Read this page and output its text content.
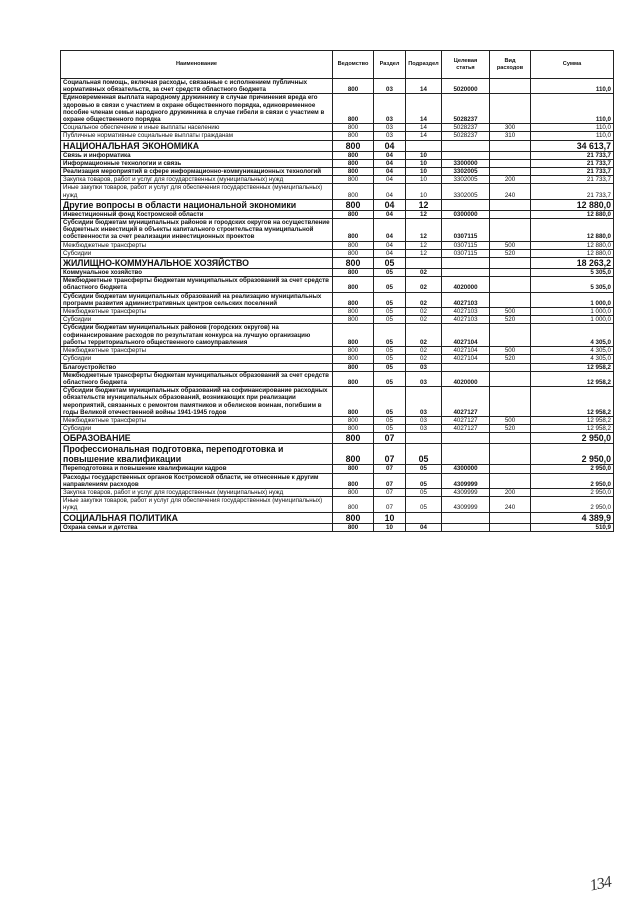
Наименование	Ведомство	Раздел	Подраздел	Целевая статья	Вид расходов	Сумма
Социальная помощь, включая расходы, связанные с исполнением публичных нормативных обязательств, за счет средств областного бюджета	800	03	14	5020000		110,0
Единовременная выплата народному дружиннику в случае причинения вреда его здоровью в связи с участием в охране общественного порядка, единовременное пособие членам семьи народного дружинника в случае гибели в связи с участием в охране общественного порядка	800	03	14	5028237		110,0
Социальное обеспечение и иные выплаты населению	800	03	14	5028237	300	110,0
Публичные нормативные социальные выплаты гражданам	800	03	14	5028237	310	110,0
НАЦИОНАЛЬНАЯ ЭКОНОМИКА	800	04				34 613,7
Связь и информатика	800	04	10			21 733,7
Информационные технологии и связь	800	04	10	3300000		21 733,7
Реализация мероприятий в сфере информационно-коммуникационных технологий	800	04	10	3302005		21 733,7
Закупка товаров, работ и услуг для государственных (муниципальных) нужд	800	04	10	3302005	200	21 733,7
Иные закупки товаров, работ и услуг для обеспечения государственных (муниципальных) нужд	800	04	10	3302005	240	21 733,7
Другие вопросы в области национальной экономики	800	04	12			12 880,0
Инвестиционный фонд Костромской области	800	04	12	0300000		12 880,0
Субсидии бюджетам муниципальных районов и городских округов на осуществление бюджетных инвестиций в объекты капитального строительства муниципальной собственности за счет реализации инвестиционных проектов	800	04	12	0307115		12 880,0
Межбюджетные трансферты	800	04	12	0307115	500	12 880,0
Субсидии	800	04	12	0307115	520	12 880,0
ЖИЛИЩНО-КОММУНАЛЬНОЕ ХОЗЯЙСТВО	800	05				18 263,2
Коммунальное хозяйство	800	05	02			5 305,0
Межбюджетные трансферты бюджетам муниципальных образований за счет средств областного бюджета	800	05	02	4020000		5 305,0
Субсидии бюджетам муниципальных образований на реализацию муниципальных программ развития административных центров сельских поселений	800	05	02	4027103		1 000,0
Межбюджетные трансферты	800	05	02	4027103	500	1 000,0
Субсидии	800	05	02	4027103	520	1 000,0
Субсидии бюджетам муниципальных районов (городских округов) на софинансирование расходов по результатам конкурса на лучшую организацию работы территориального общественного самоуправления	800	05	02	4027104		4 305,0
Межбюджетные трансферты	800	05	02	4027104	500	4 305,0
Субсидии	800	05	02	4027104	520	4 305,0
Благоустройство	800	05	03			12 958,2
Межбюджетные трансферты бюджетам муниципальных образований за счет средств областного бюджета	800	05	03	4020000		12 958,2
Субсидии бюджетам муниципальных образований на софинансирование расходных обязательств муниципальных образований, возникающих при реализации мероприятий, связанных с ремонтом памятников и обелисков воинам, погибшим в годы Великой отечественной войны 1941-1945 годов	800	05	03	4027127		12 958,2
Межбюджетные трансферты	800	05	03	4027127	500	12 958,2
Субсидии	800	05	03	4027127	520	12 958,2
ОБРАЗОВАНИЕ	800	07				2 950,0
Профессиональная подготовка, переподготовка и повышение квалификации	800	07	05			2 950,0
Переподготовка и повышение квалификации кадров	800	07	05	4300000		2 950,0
Расходы государственных органов Костромской области, не отнесенные к другим направлениям расходов	800	07	05	4309999		2 950,0
Закупка товаров, работ и услуг для государственных (муниципальных) нужд	800	07	05	4309999	200	2 950,0
Иные закупки товаров, работ и услуг для обеспечения государственных (муниципальных) нужд	800	07	05	4309999	240	2 950,0
СОЦИАЛЬНАЯ ПОЛИТИКА	800	10				4 389,9
Охрана семьи и детства	800	10	04			510,9
134
